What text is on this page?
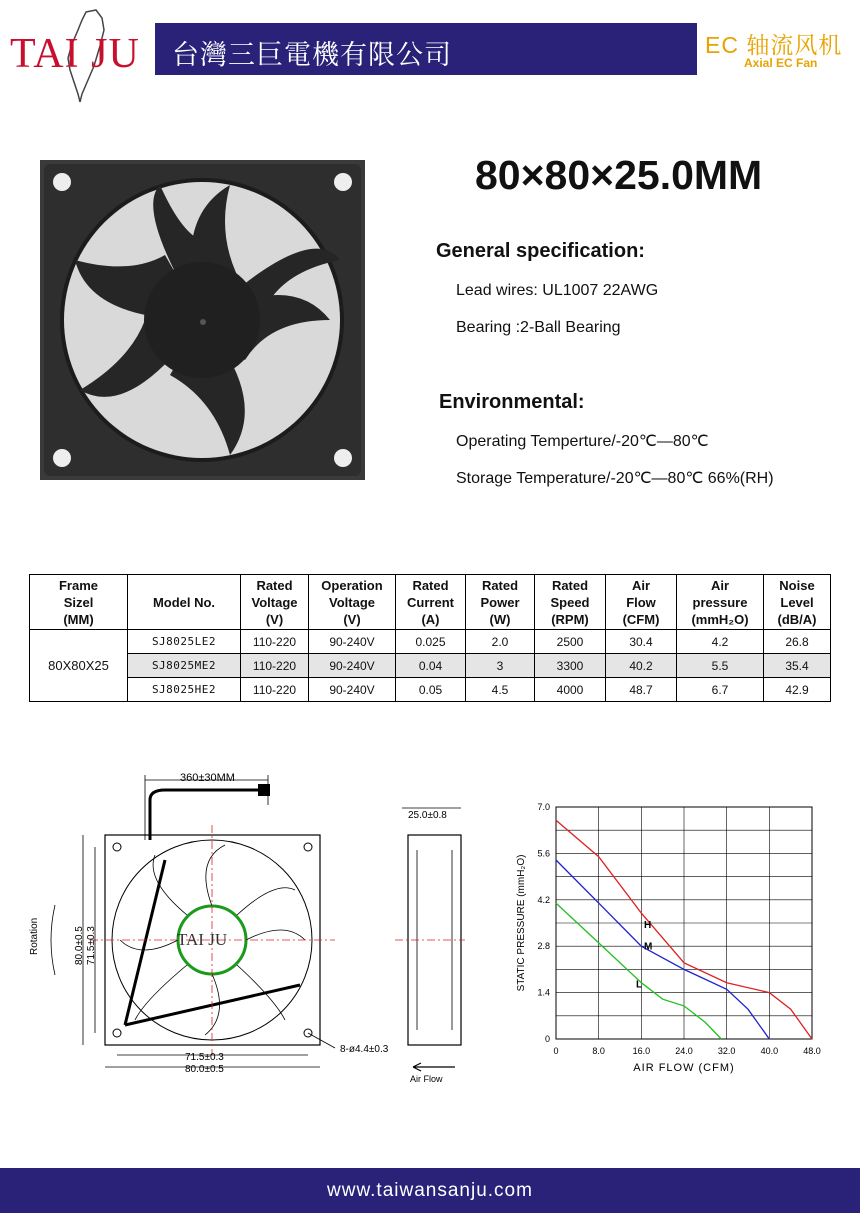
TAI JU 台灣三巨電機有限公司	EC 轴流风机
Axial EC Fan
80×80×25.0MM
General specification:
Lead wires: UL1007 22AWG
Bearing :2-Ball Bearing
Environmental:
Operating Temperture/-20℃—80℃
Storage Temperature/-20℃—80℃ 66%(RH)
Frame
Sizel
(MM)	Model No.	Rated
Voltage
(V)	Operation
Voltage
(V)	Rated
Current
(A)	Rated
Power
(W)	Rated
Speed
(RPM)	Air
Flow
(CFM)	Air
pressure
(mmH₂O)	Noise
Level
(dB/A)
80X80X25	SJ8025LE2	110-220	90-240V	0.025	2.0	2500	30.4	4.2	26.8
	SJ8025ME2	110-220	90-240V	0.04	3	3300	40.2	5.5	35.4
	SJ8025HE2	110-220	90-240V	0.05	4.5	4000	48.7	6.7	42.9
360±30MM
TAI JU
Rotation	80.0±0.5 71.5±0.3
71.5±0.3
80.0±0.5
8-ø4.4±0.3
25.0±0.8
Air Flow
0	8.0	16.0	24.0	32.0	40.0	48.0
0
1.4
2.8
4.2
5.6
7.0
AIR FLOW (CFM)
STATIC PRESSURE (mmH₂O)	H
M
L
www.taiwansanju.com
